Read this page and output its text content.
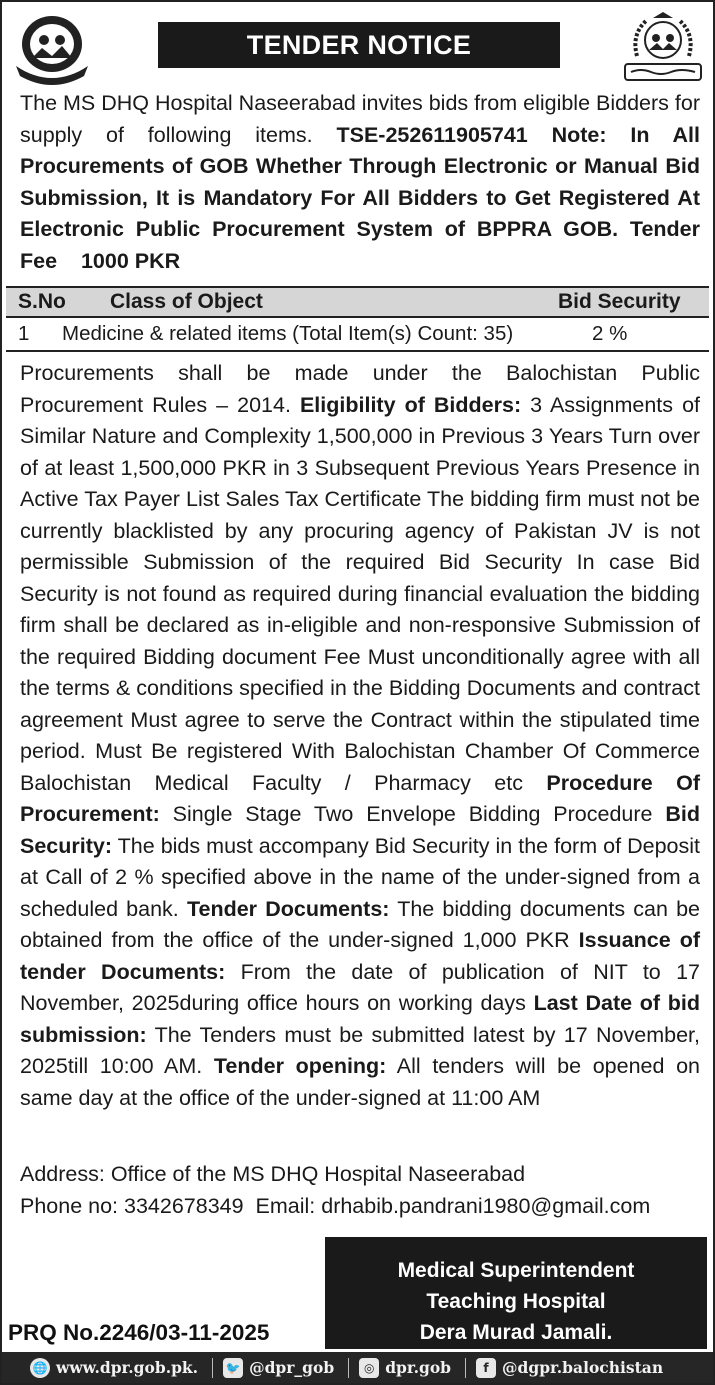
TENDER NOTICE
The MS DHQ Hospital Naseerabad invites bids from eligible Bidders for supply of following items. TSE-252611905741 Note: In All Procurements of GOB Whether Through Electronic or Manual Bid Submission, It is Mandatory For All Bidders to Get Registered At Electronic Public Procurement System of BPPRA GOB. Tender Fee 1000 PKR
S.No	Class of Object	Bid Security
1	Medicine & related items (Total Item(s) Count: 35)	2 %
Procurements shall be made under the Balochistan Public Procurement Rules – 2014. Eligibility of Bidders: 3 Assignments of Similar Nature and Complexity 1,500,000 in Previous 3 Years Turn over of at least 1,500,000 PKR in 3 Subsequent Previous Years Presence in Active Tax Payer List Sales Tax Certificate The bidding firm must not be currently blacklisted by any procuring agency of Pakistan JV is not permissible Submission of the required Bid Security In case Bid Security is not found as required during financial evaluation the bidding firm shall be declared as in-eligible and non-responsive Submission of the required Bidding document Fee Must unconditionally agree with all the terms & conditions specified in the Bidding Documents and contract agreement Must agree to serve the Contract within the stipulated time period. Must Be registered With Balochistan Chamber Of Commerce Balochistan Medical Faculty / Pharmacy etc Procedure Of Procurement: Single Stage Two Envelope Bidding Procedure Bid Security: The bids must accompany Bid Security in the form of Deposit at Call of 2 % specified above in the name of the under-signed from a scheduled bank. Tender Documents: The bidding documents can be obtained from the office of the under-signed 1,000 PKR Issuance of tender Documents: From the date of publication of NIT to 17 November, 2025during office hours on working days Last Date of bid submission: The Tenders must be submitted latest by 17 November, 2025till 10:00 AM. Tender opening: All tenders will be opened on same day at the office of the under-signed at 11:00 AM
Address: Office of the MS DHQ Hospital Naseerabad
Phone no: 3342678349  Email: drhabib.pandrani1980@gmail.com
Medical Superintendent
Teaching Hospital
Dera Murad Jamali.
PRQ No.2246/03-11-2025
🌐 www.dpr.gob.pk. 🐦 @dpr_gob	◎ dpr.gob	f @dgpr.balochistan
